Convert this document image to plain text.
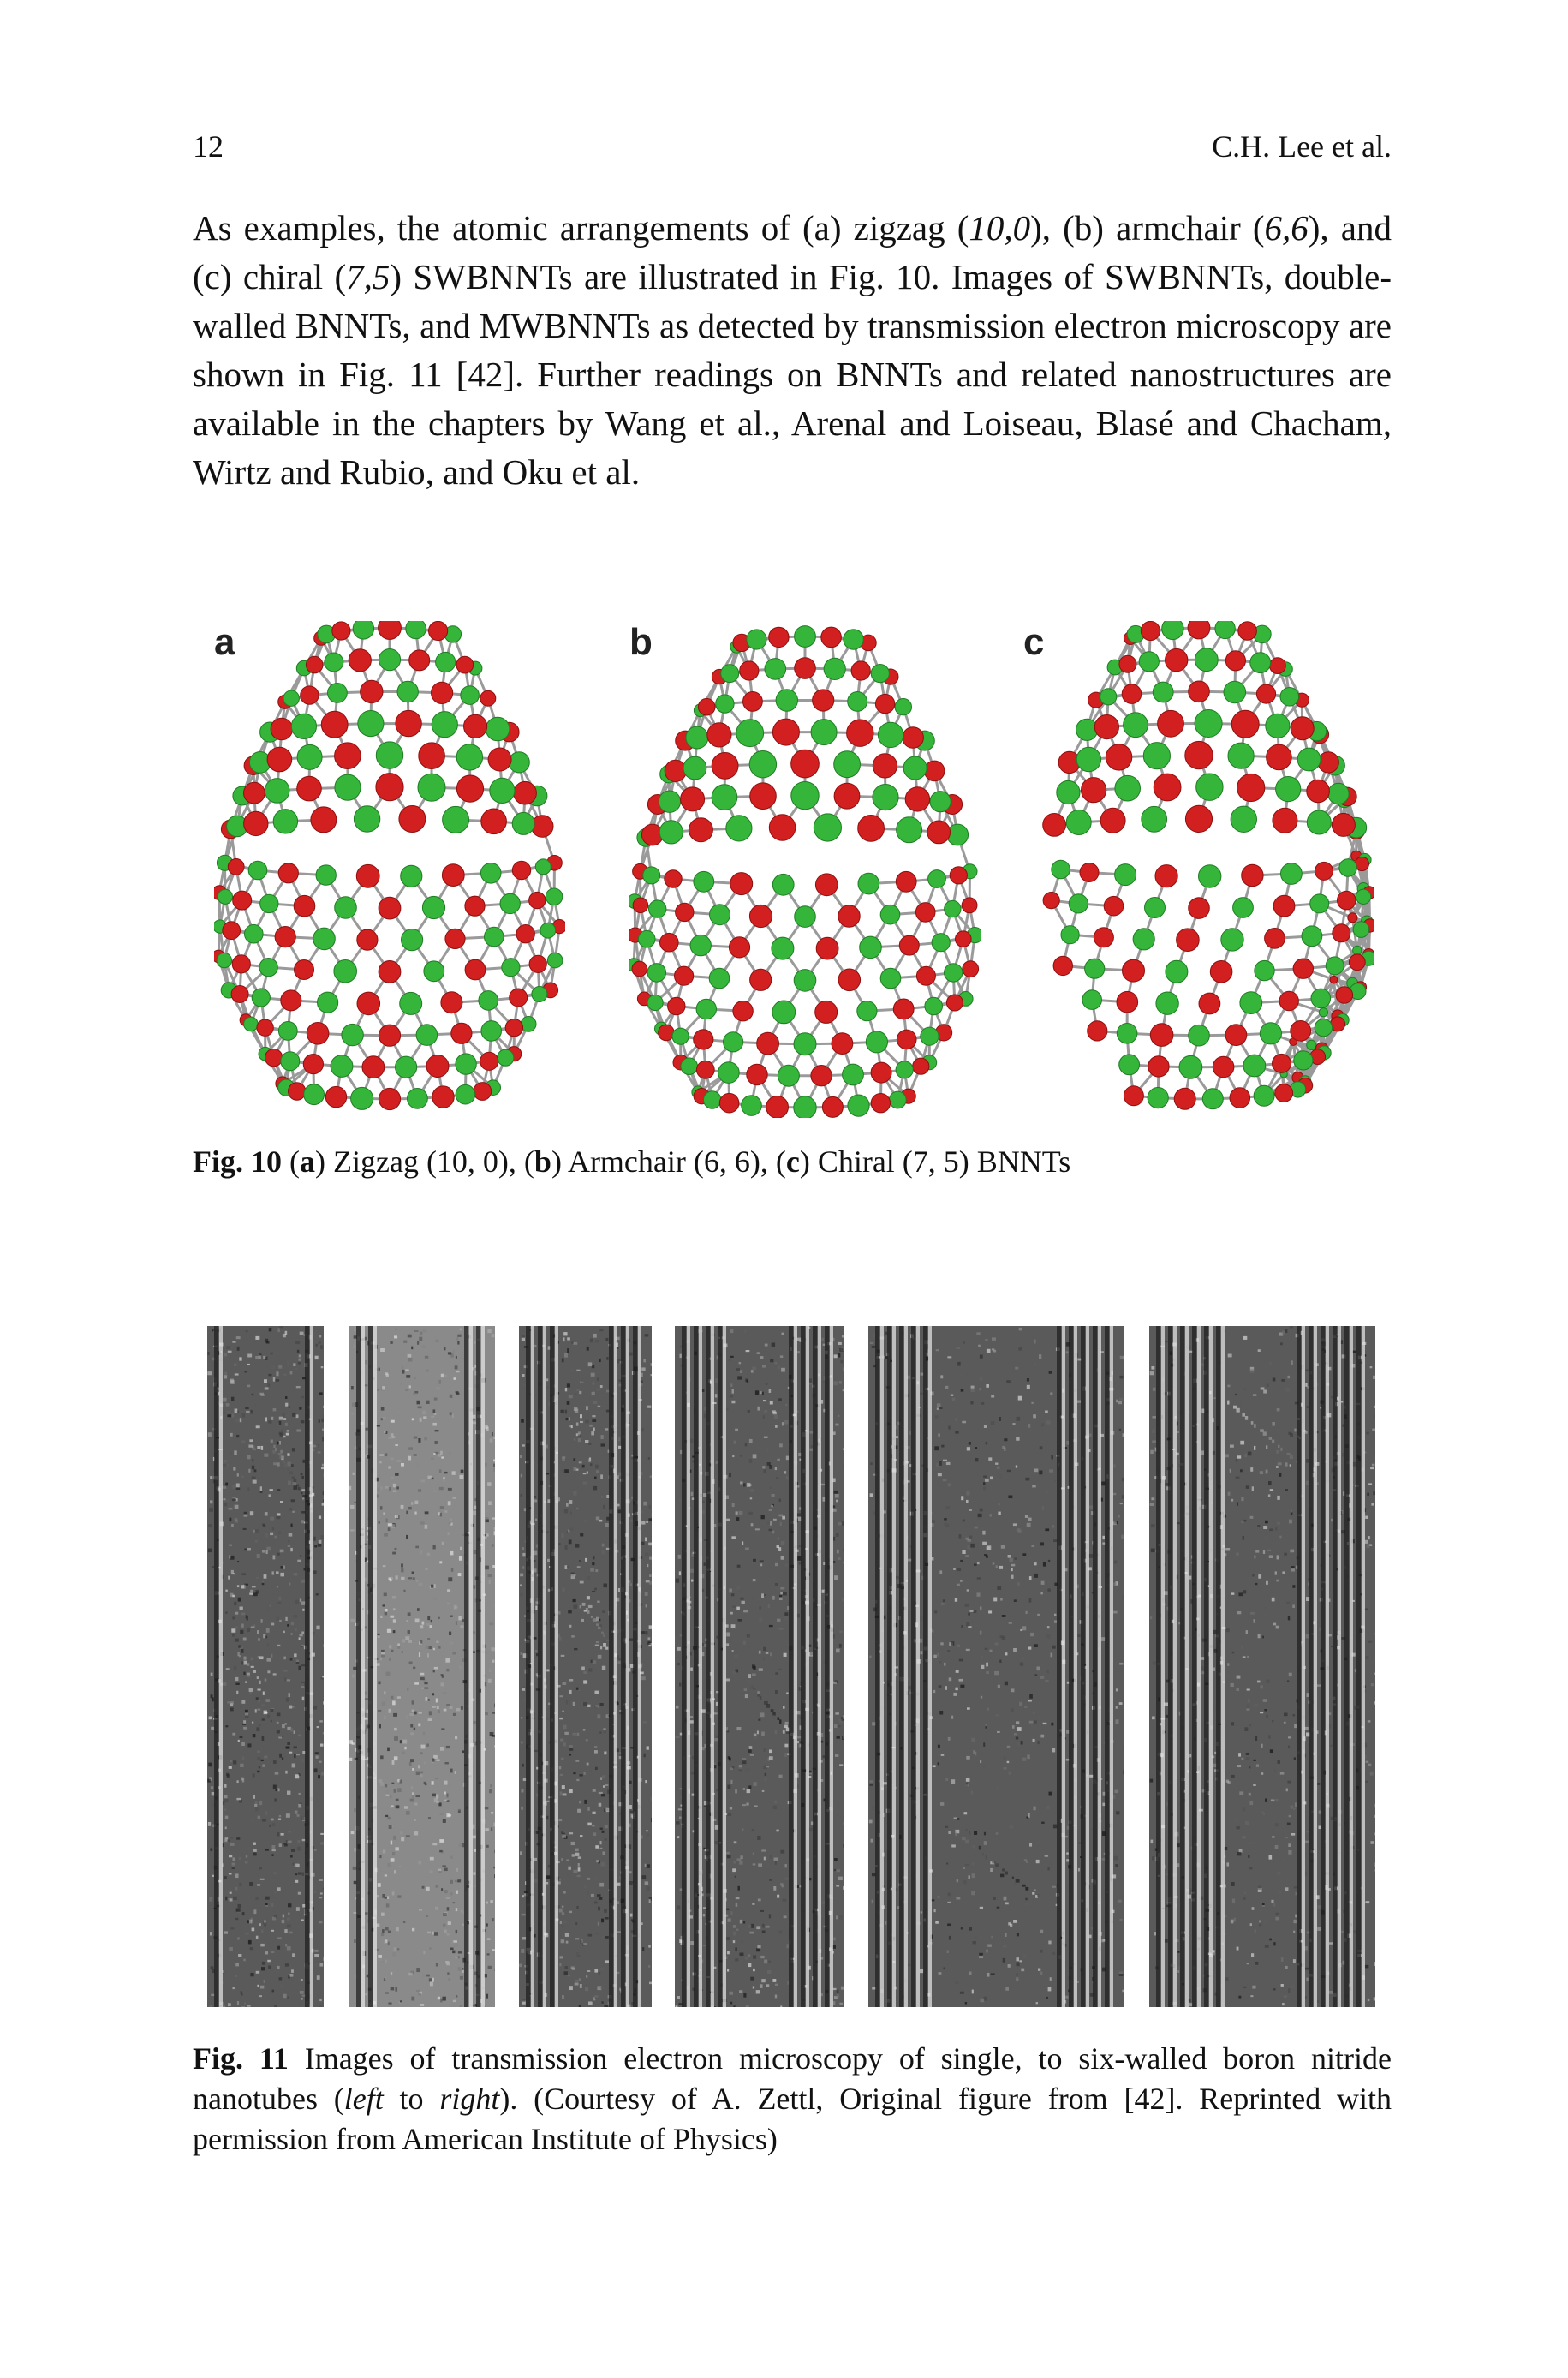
12	C.H. Lee et al.

As examples, the atomic arrangements of (a) zigzag (10,0), (b) armchair (6,6), and (c) chiral (7,5) SWBNNTs are illustrated in Fig. 10. Images of SWBNNTs, double-walled BNNTs, and MWBNNTs as detected by transmission electron microscopy are shown in Fig. 11 [42]. Further readings on BNNTs and related nanostructures are available in the chapters by Wang et al., Arenal and Loiseau, Blasé and Chacham, Wirtz and Rubio, and Oku et al.

a	b	c
Fig. 10 (a) Zigzag (10, 0), (b) Armchair (6, 6), (c) Chiral (7, 5) BNNTs
Fig. 11 Images of transmission electron microscopy of single, to six-walled boron nitride nanotubes (left to right). (Courtesy of A. Zettl, Original figure from [42]. Reprinted with permission from American Institute of Physics)
